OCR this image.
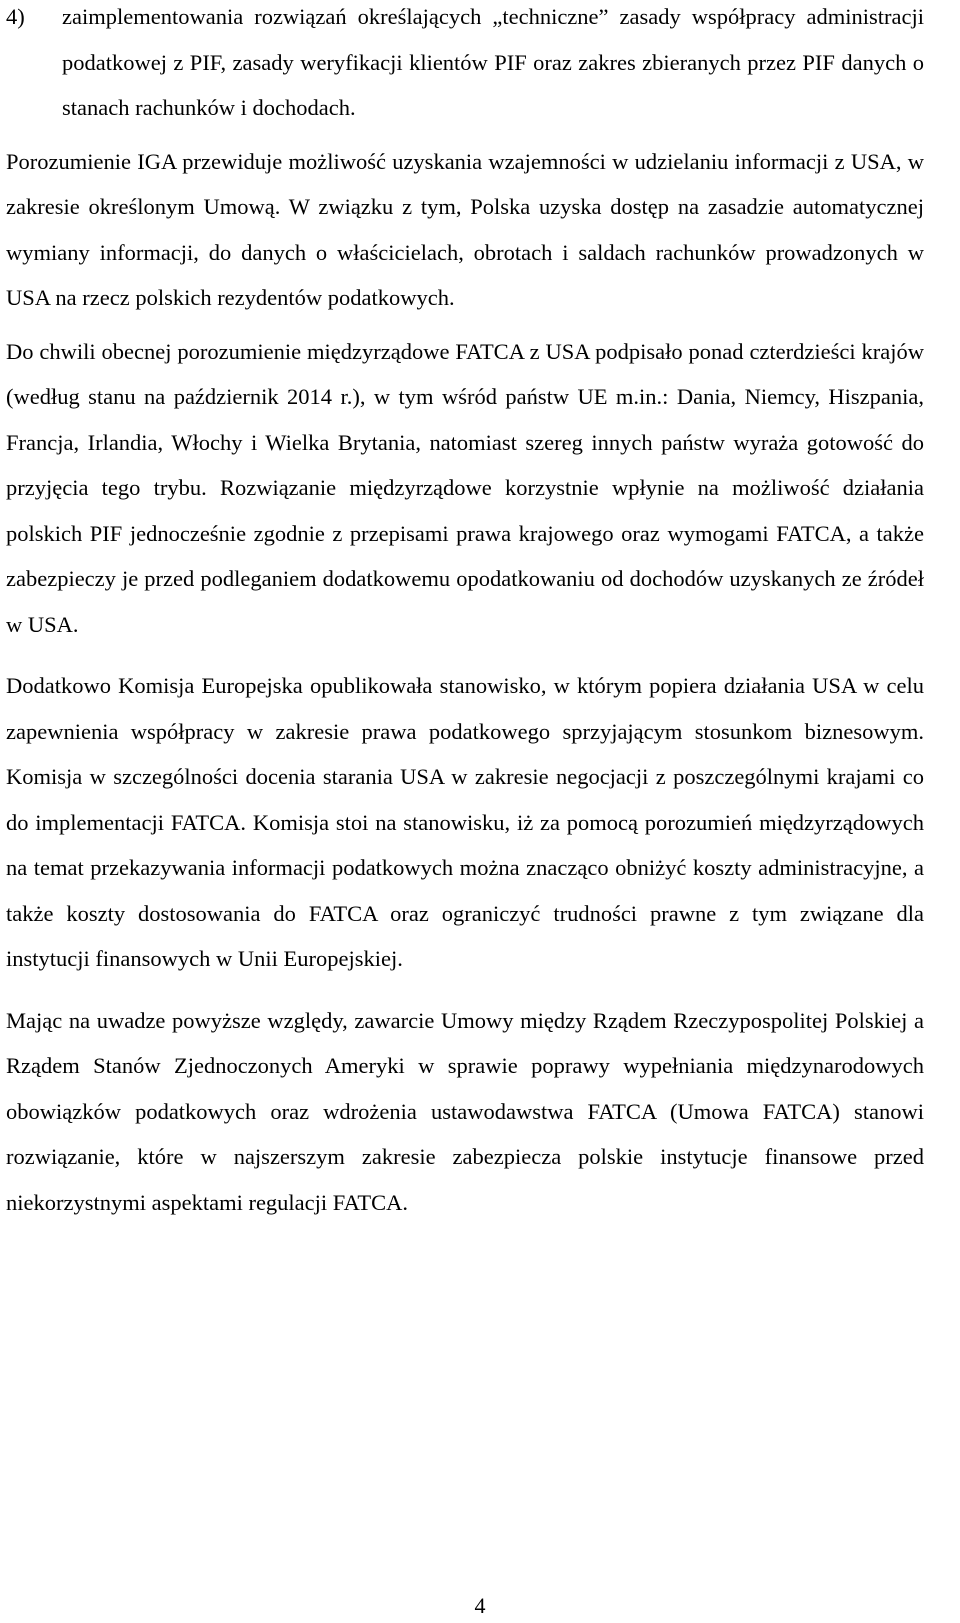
4)	zaimplementowania rozwiązań określających „techniczne” zasady współpracy administracji podatkowej z PIF, zasady weryfikacji klientów PIF oraz zakres zbieranych przez PIF danych o stanach rachunków i dochodach.

Porozumienie IGA przewiduje możliwość uzyskania wzajemności w udzielaniu informacji z USA, w zakresie określonym Umową. W związku z tym, Polska uzyska dostęp na zasadzie automatycznej wymiany informacji, do danych o właścicielach, obrotach i saldach rachunków prowadzonych w USA na rzecz polskich rezydentów podatkowych.

Do chwili obecnej porozumienie międzyrządowe FATCA z USA podpisało ponad czterdzieści krajów (według stanu na październik 2014 r.), w tym wśród państw UE m.in.: Dania, Niemcy, Hiszpania, Francja, Irlandia, Włochy i Wielka Brytania, natomiast szereg innych państw wyraża gotowość do przyjęcia tego trybu. Rozwiązanie międzyrządowe korzystnie wpłynie na możliwość działania polskich PIF jednocześnie zgodnie z przepisami prawa krajowego oraz wymogami FATCA, a także zabezpieczy je przed podleganiem dodatkowemu opodatkowaniu od dochodów uzyskanych ze źródeł w USA.

Dodatkowo Komisja Europejska opublikowała stanowisko, w którym popiera działania USA w celu zapewnienia współpracy w zakresie prawa podatkowego sprzyjającym stosunkom biznesowym. Komisja w szczególności docenia starania USA w zakresie negocjacji z poszczególnymi krajami co do implementacji FATCA. Komisja stoi na stanowisku, iż za pomocą porozumień międzyrządowych na temat przekazywania informacji podatkowych można znacząco obniżyć koszty administracyjne, a także koszty dostosowania do FATCA oraz ograniczyć trudności prawne z tym związane dla instytucji finansowych w Unii Europejskiej.

Mając na uwadze powyższe względy, zawarcie Umowy między Rządem Rzeczypospolitej Polskiej a Rządem Stanów Zjednoczonych Ameryki w sprawie poprawy wypełniania międzynarodowych obowiązków podatkowych oraz wdrożenia ustawodawstwa FATCA (Umowa FATCA) stanowi rozwiązanie, które w najszerszym zakresie zabezpiecza polskie instytucje finansowe przed niekorzystnymi aspektami regulacji FATCA.

4
